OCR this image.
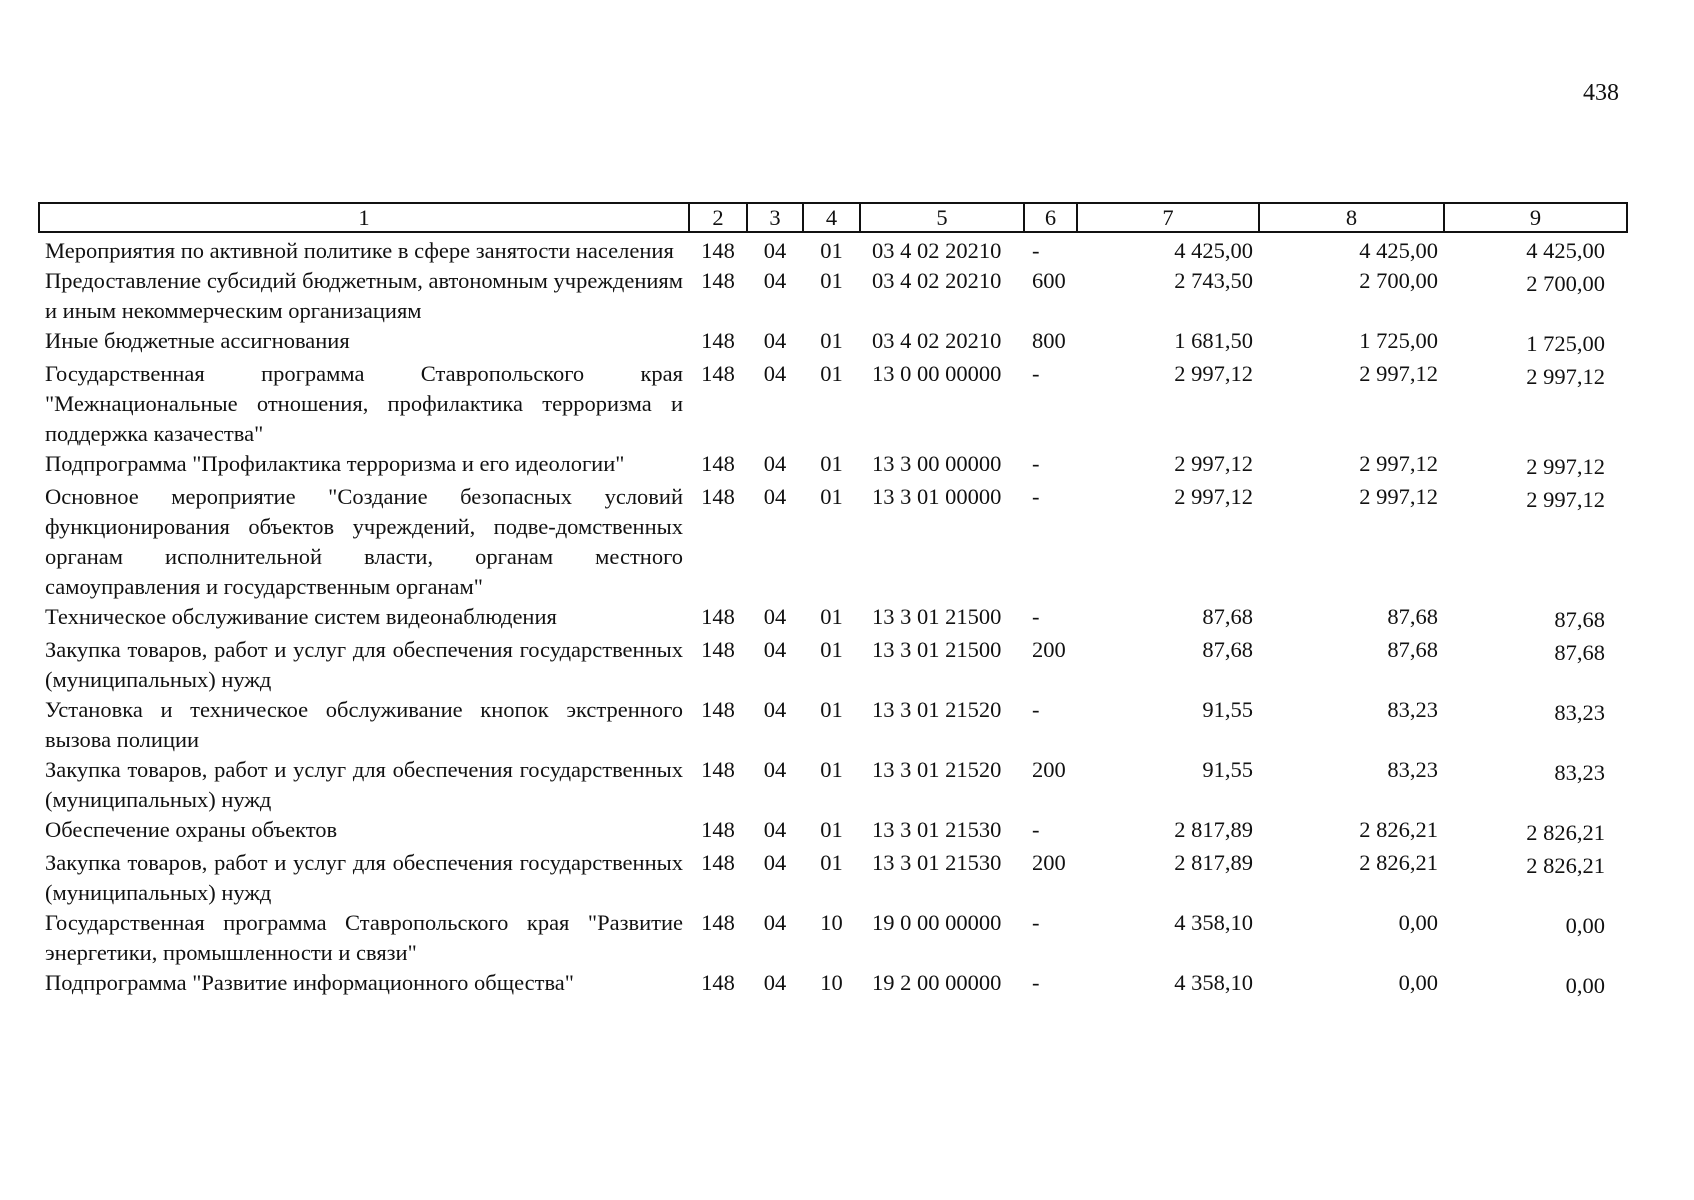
438
1	2	3	4	5	6	7	8	9
Мероприятия по активной политике в сфере занятости населения	148	04	01	03 4 02 20210	-	4 425,00	4 425,00	4 425,00
Предоставление субсидий бюджетным, автономным учреждениям и иным некоммерческим организациям	148	04	01	03 4 02 20210	600	2 743,50	2 700,00	2 700,00
Иные бюджетные ассигнования	148	04	01	03 4 02 20210	800	1 681,50	1 725,00	1 725,00
Государственная программа Ставропольского края "Межнациональные отношения, профилактика терроризма и поддержка казачества"	148	04	01	13 0 00 00000	-	2 997,12	2 997,12	2 997,12
Подпрограмма "Профилактика терроризма и его идеологии"	148	04	01	13 3 00 00000	-	2 997,12	2 997,12	2 997,12
Основное мероприятие "Создание безопасных условий функционирования объектов учреждений, подве-домственных органам исполнительной власти, органам местного самоуправления и государственным органам"	148	04	01	13 3 01 00000	-	2 997,12	2 997,12	2 997,12
Техническое обслуживание систем видеонаблюдения	148	04	01	13 3 01 21500	-	87,68	87,68	87,68
Закупка товаров, работ и услуг для обеспечения государственных (муниципальных) нужд	148	04	01	13 3 01 21500	200	87,68	87,68	87,68
Установка и техническое обслуживание кнопок экстренного вызова полиции	148	04	01	13 3 01 21520	-	91,55	83,23	83,23
Закупка товаров, работ и услуг для обеспечения государственных (муниципальных) нужд	148	04	01	13 3 01 21520	200	91,55	83,23	83,23
Обеспечение охраны объектов	148	04	01	13 3 01 21530	-	2 817,89	2 826,21	2 826,21
Закупка товаров, работ и услуг для обеспечения государственных (муниципальных) нужд	148	04	01	13 3 01 21530	200	2 817,89	2 826,21	2 826,21
Государственная программа Ставропольского края "Развитие энергетики, промышленности и связи"	148	04	10	19 0 00 00000	-	4 358,10	0,00	0,00
Подпрограмма "Развитие информационного общества"	148	04	10	19 2 00 00000	-	4 358,10	0,00	0,00
